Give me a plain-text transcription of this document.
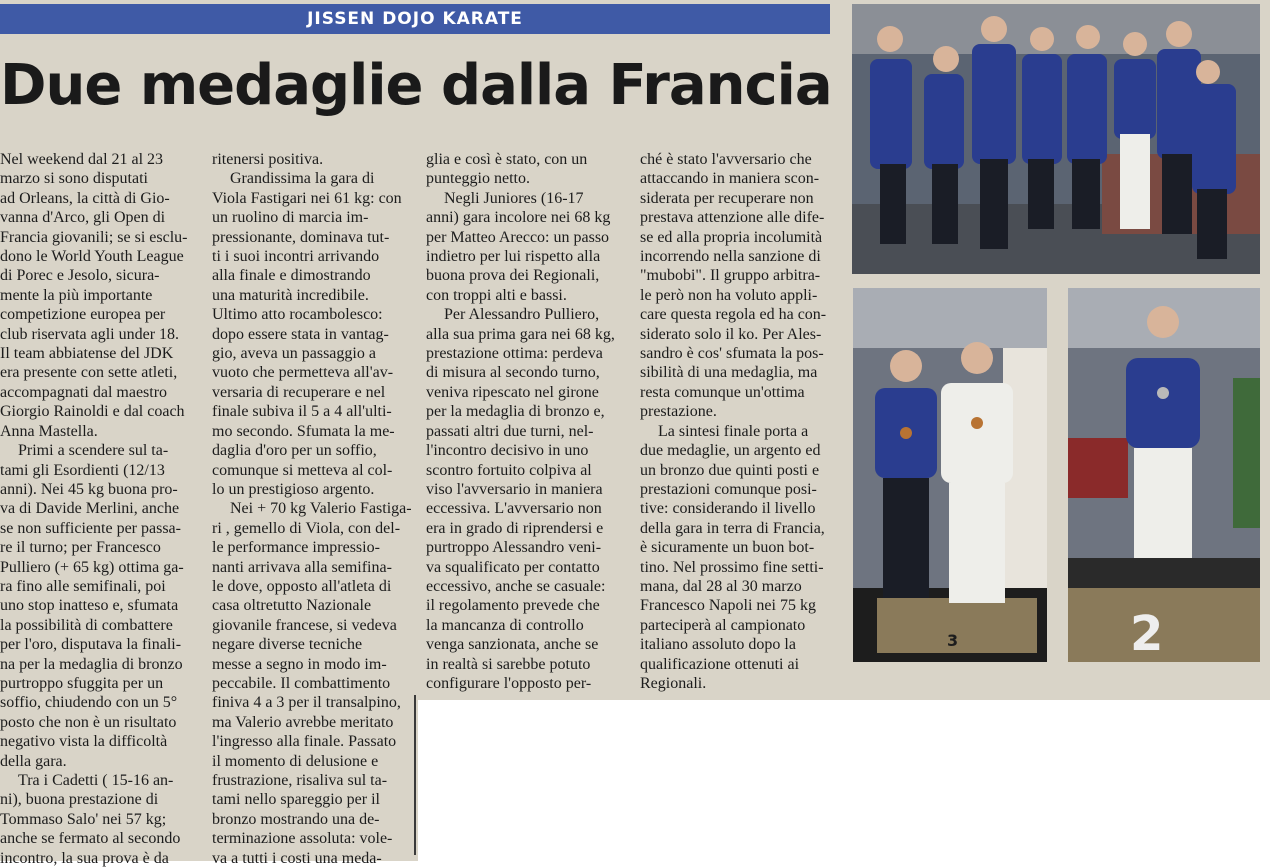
JISSEN DOJO KARATE
Due medaglie dalla Francia
Nel weekend dal 21 al 23
marzo si sono disputati
ad Orleans, la città di Gio-
vanna d'Arco, gli Open di
Francia giovanili; se si esclu-
dono le World Youth League
di Porec e Jesolo, sicura-
mente la più importante
competizione europea per
club riservata agli under 18.
Il team abbiatense del JDK
era presente con sette atleti,
accompagnati dal maestro
Giorgio Rainoldi e dal coach
Anna Mastella.
Primi a scendere sul ta-
tami gli Esordienti (12/13
anni). Nei 45 kg buona pro-
va di Davide Merlini, anche
se non sufficiente per passa-
re il turno; per Francesco
Pulliero (+ 65 kg) ottima ga-
ra fino alle semifinali, poi
uno stop inatteso e, sfumata
la possibilità di combattere
per l'oro, disputava la finali-
na per la medaglia di bronzo
purtroppo sfuggita per un
soffio, chiudendo con un 5°
posto che non è un risultato
negativo vista la difficoltà
della gara.
Tra i Cadetti ( 15-16 an-
ni), buona prestazione di
Tommaso Salo' nei 57 kg;
anche se fermato al secondo
incontro, la sua prova è da
ritenersi positiva.
Grandissima la gara di
Viola Fastigari nei 61 kg: con
un ruolino di marcia im-
pressionante, dominava tut-
ti i suoi incontri arrivando
alla finale e dimostrando
una maturità incredibile.
Ultimo atto rocambolesco:
dopo essere stata in vantag-
gio, aveva un passaggio a
vuoto che permetteva all'av-
versaria di recuperare e nel
finale subiva il 5 a 4 all'ulti-
mo secondo. Sfumata la me-
daglia d'oro per un soffio,
comunque si metteva al col-
lo un prestigioso argento.
Nei + 70 kg Valerio Fastiga-
ri , gemello di Viola, con del-
le performance impressio-
nanti arrivava alla semifina-
le dove, opposto all'atleta di
casa oltretutto Nazionale
giovanile francese, si vedeva
negare diverse tecniche
messe a segno in modo im-
peccabile. Il combattimento
finiva 4 a 3 per il transalpino,
ma Valerio avrebbe meritato
l'ingresso alla finale. Passato
il momento di delusione e
frustrazione, risaliva sul ta-
tami nello spareggio per il
bronzo mostrando una de-
terminazione assoluta: vole-
va a tutti i costi una meda-
glia e così è stato, con un
punteggio netto.
Negli Juniores (16-17
anni) gara incolore nei 68 kg
per Matteo Arecco: un passo
indietro per lui rispetto alla
buona prova dei Regionali,
con troppi alti e bassi.
Per Alessandro Pulliero,
alla sua prima gara nei 68 kg,
prestazione ottima: perdeva
di misura al secondo turno,
veniva ripescato nel girone
per la medaglia di bronzo e,
passati altri due turni, nel-
l'incontro decisivo in uno
scontro fortuito colpiva al
viso l'avversario in maniera
eccessiva. L'avversario non
era in grado di riprendersi e
purtroppo Alessandro veni-
va squalificato per contatto
eccessivo, anche se casuale:
il regolamento prevede che
la mancanza di controllo
venga sanzionata, anche se
in realtà si sarebbe potuto
configurare l'opposto per-
ché è stato l'avversario che
attaccando in maniera scon-
siderata per recuperare non
prestava attenzione alle dife-
se ed alla propria incolumità
incorrendo nella sanzione di
"mubobi". Il gruppo arbitra-
le però non ha voluto appli-
care questa regola ed ha con-
siderato solo il ko. Per Ales-
sandro è cos' sfumata la pos-
sibilità di una medaglia, ma
resta comunque un'ottima
prestazione.
La sintesi finale porta a
due medaglie, un argento ed
un bronzo due quinti posti e
prestazioni comunque posi-
tive: considerando il livello
della gara in terra di Francia,
è sicuramente un buon bot-
tino. Nel prossimo fine setti-
mana, dal 28 al 30 marzo
Francesco Napoli nei 75 kg
parteciperà al campionato
italiano assoluto dopo la
qualificazione ottenuti ai
Regionali.
3	2
